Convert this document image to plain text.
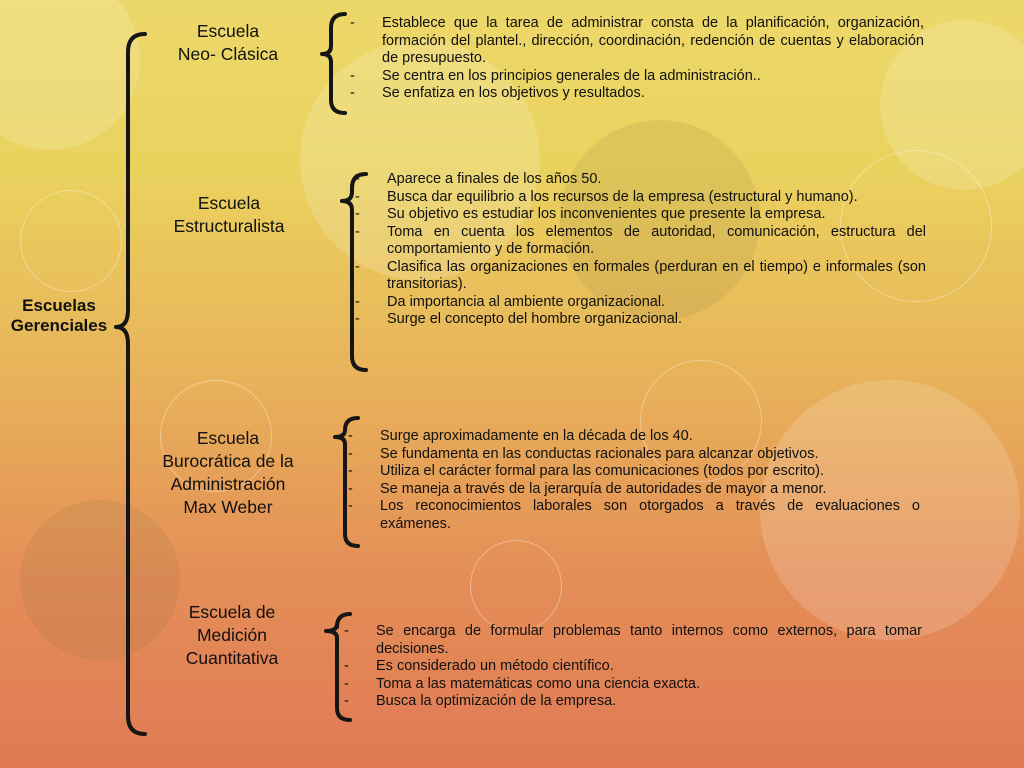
Escuelas
Gerenciales
Escuela
Neo- Clásica
- Establece que la tarea de administrar consta de la planificación, organización, formación del plantel., dirección, coordinación, redención de cuentas y elaboración de presupuesto.
- Se centra en los principios generales de la administración..
- Se enfatiza en los objetivos y resultados.
Escuela
Estructuralista
- Aparece a finales de los años 50.
- Busca dar equilibrio a los recursos de la empresa (estructural y humano).
- Su objetivo es estudiar los inconvenientes que presente la empresa.
- Toma en cuenta los elementos de autoridad, comunicación, estructura del comportamiento y de formación.
- Clasifica las organizaciones en formales (perduran en el tiempo) e informales (son transitorias).
- Da importancia al ambiente organizacional.
- Surge el concepto del hombre organizacional.
Escuela
Burocrática de la
Administración
Max Weber
- Surge aproximadamente en la década de los 40.
- Se fundamenta en las conductas racionales para alcanzar objetivos.
- Utiliza el carácter formal para las comunicaciones (todos por escrito).
- Se maneja a través de la jerarquía de autoridades de mayor a menor.
- Los reconocimientos laborales son otorgados a través de evaluaciones o exámenes.
Escuela de
Medición
Cuantitativa
- Se encarga de formular problemas tanto internos como externos, para tomar decisiones.
- Es considerado un método científico.
- Toma a las matemáticas como una ciencia exacta.
- Busca la optimización de la empresa.
